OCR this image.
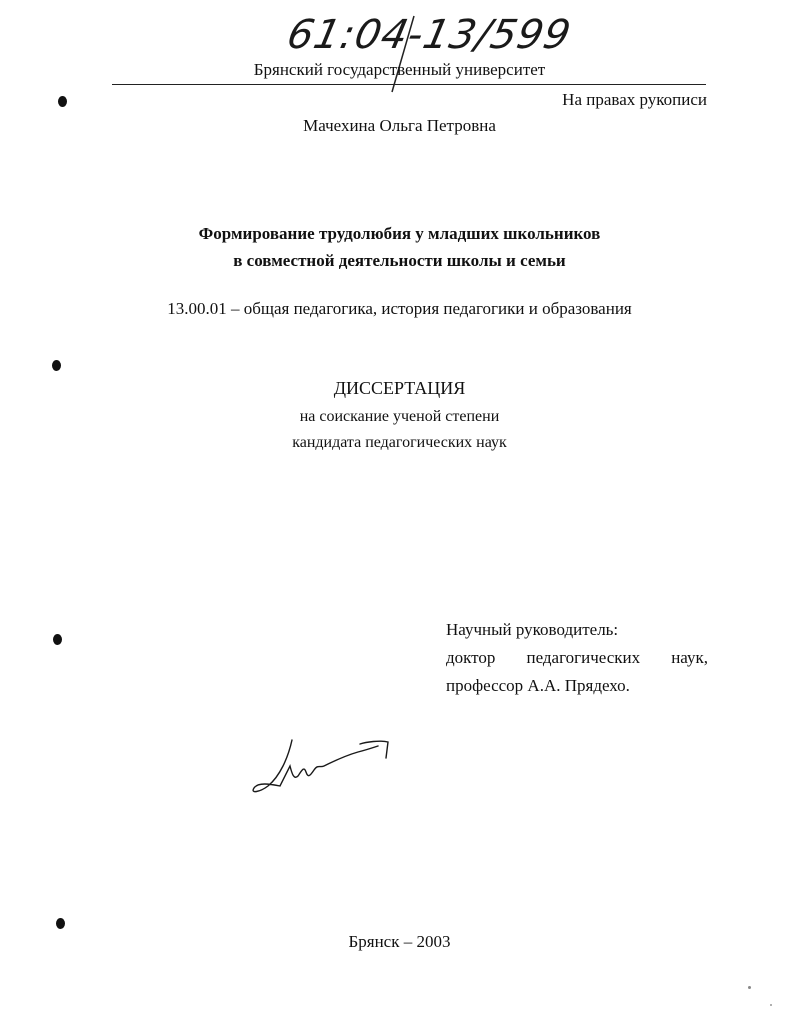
61:04-13/599
Брянский государственный университет
На правах рукописи
Мачехина Ольга Петровна
Формирование трудолюбия у младших школьников
в совместной деятельности школы и семьи
13.00.01 – общая педагогика, история педагогики и образования
ДИССЕРТАЦИЯ
на соискание ученой степени
кандидата педагогических наук
Научный руководитель:
доктор педагогических наук,
профессор А.А. Прядехо.
Брянск – 2003
